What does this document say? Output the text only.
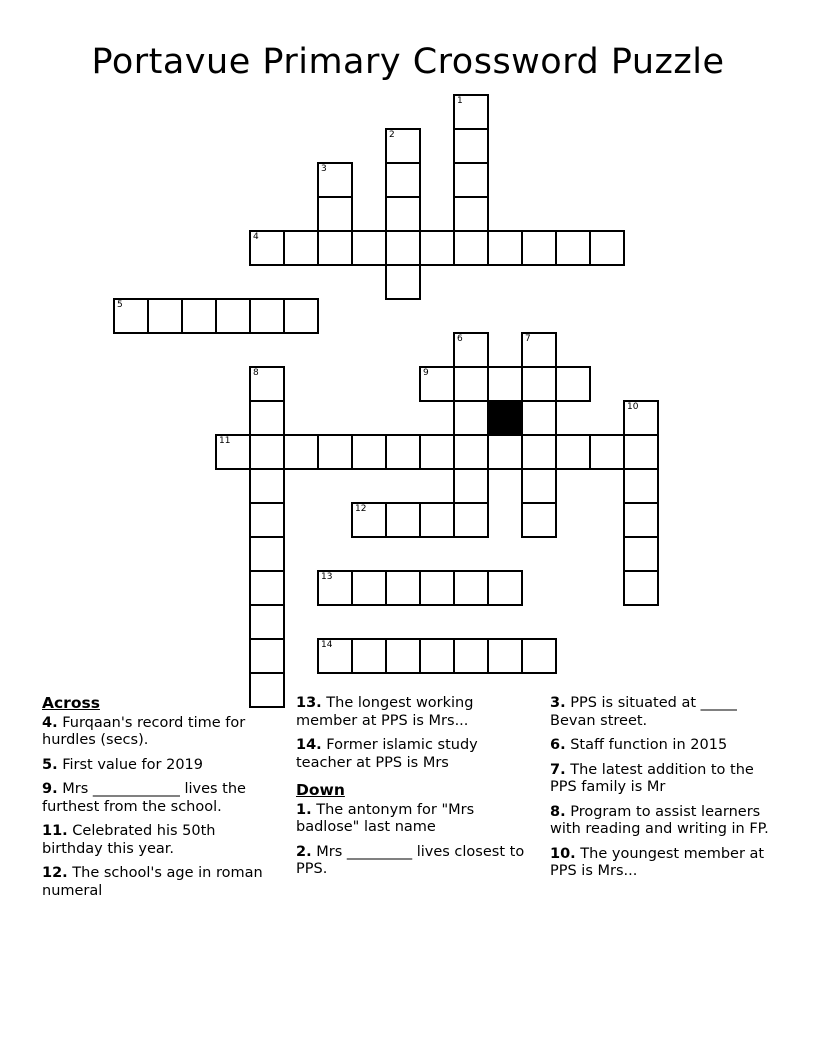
Portavue Primary Crossword Puzzle
1
2
3
4
5
6	7
8	9
10
11
12
13
14

Across

4. Furqaan's record time for hurdles (secs).

5. First value for 2019

9. Mrs ____________ lives the furthest from the school.

11. Celebrated his 50th birthday this year.

12. The school's age in roman numeral

13. The longest working member at PPS is Mrs...

14. Former islamic study teacher at PPS is Mrs

Down

1. The antonym for "Mrs badlose" last name

2. Mrs _________ lives closest to PPS.

3. PPS is situated at _____ Bevan street.

6. Staff function in 2015

7. The latest addition to the PPS family is Mr

8. Program to assist learners with reading and writing in FP.

10. The youngest member at PPS is Mrs...
